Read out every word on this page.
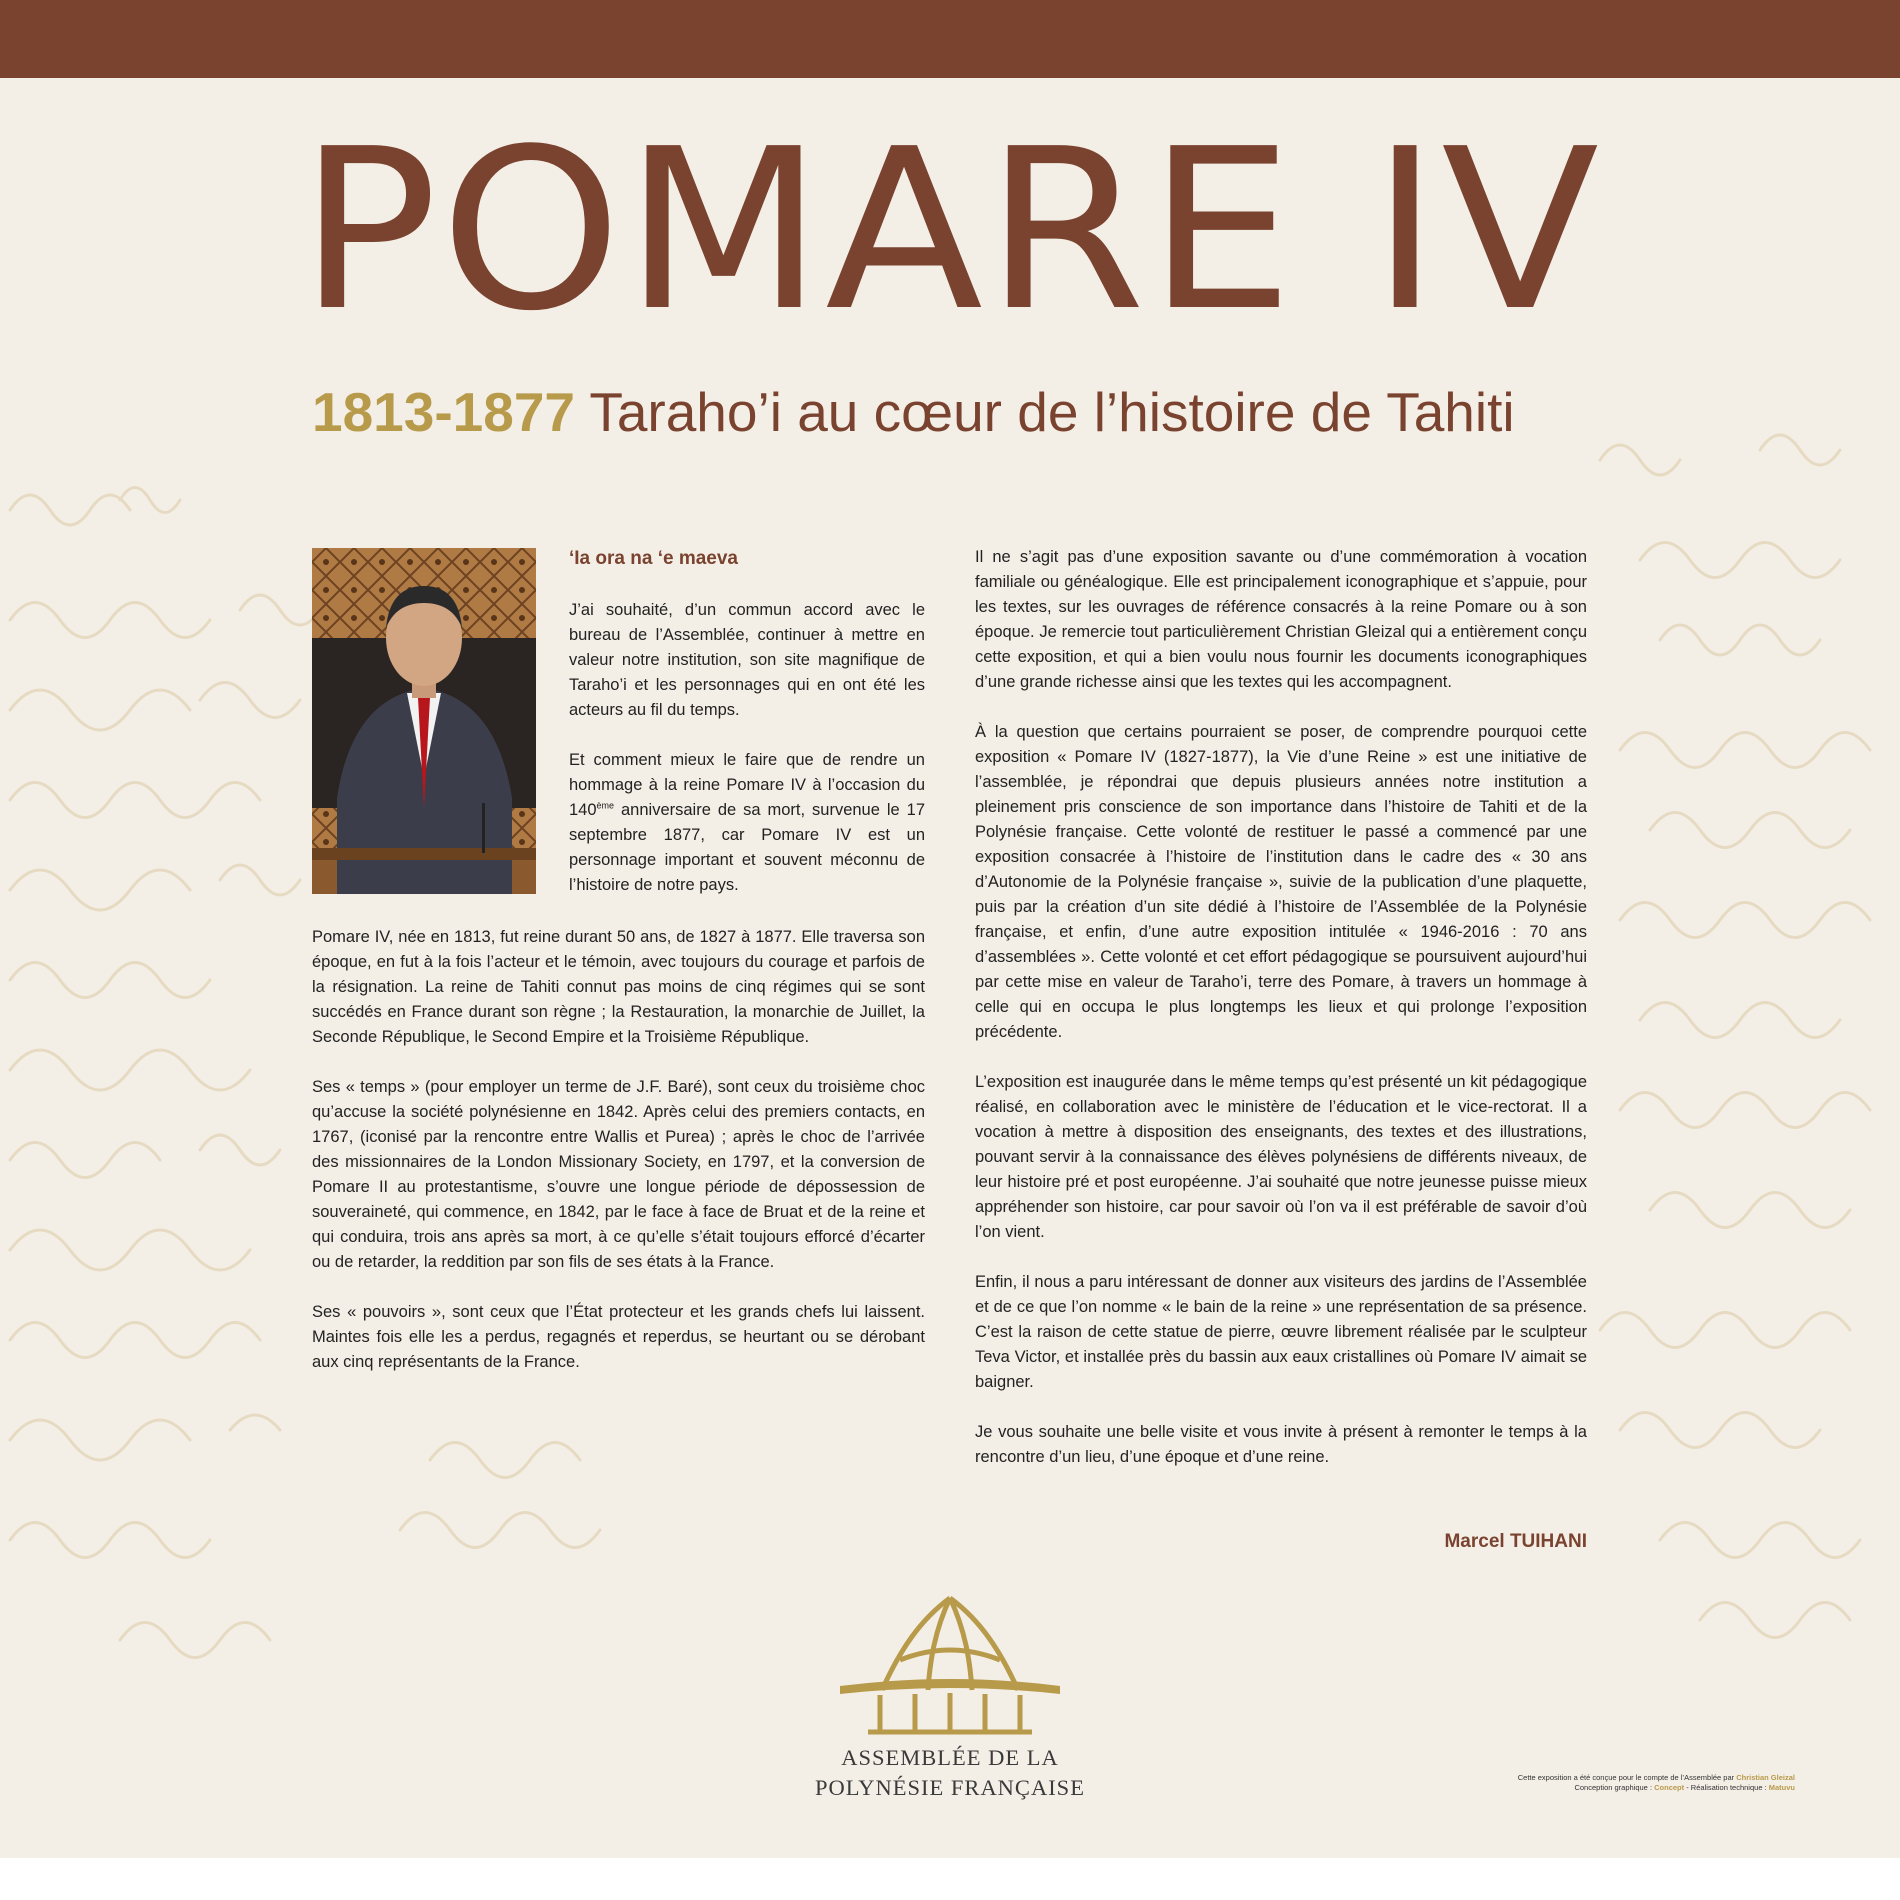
POMARE IV
1813-1877 Taraho’i au cœur de l’histoire de Tahiti
‘Ia ora na ‘e maeva

J’ai souhaité, d’un commun accord avec le bureau de l’Assemblée, continuer à mettre en valeur notre institution, son site magnifique de Taraho’i et les personnages qui en ont été les acteurs au fil du temps.

Et comment mieux le faire que de rendre un hommage à la reine Pomare IV à l’occasion du 140ème anniversaire de sa mort, survenue le 17 septembre 1877, car Pomare IV est un personnage important et souvent méconnu de l’histoire de notre pays.

Pomare IV, née en 1813, fut reine durant 50 ans, de 1827 à 1877. Elle traversa son époque, en fut à la fois l’acteur et le témoin, avec toujours du courage et parfois de la résignation. La reine de Tahiti connut pas moins de cinq régimes qui se sont succédés en France durant son règne ; la Restauration, la monarchie de Juillet, la Seconde République, le Second Empire et la Troisième République.

Ses « temps » (pour employer un terme de J.F. Baré), sont ceux du troisième choc qu’accuse la société polynésienne en 1842. Après celui des premiers contacts, en 1767, (iconisé par la rencontre entre Wallis et Purea) ; après le choc de l’arrivée des missionnaires de la London Missionary Society, en 1797, et la conversion de Pomare II au protestantisme, s’ouvre une longue période de dépossession de souveraineté, qui commence, en 1842, par le face à face de Bruat et de la reine et qui conduira, trois ans après sa mort, à ce qu’elle s’était toujours efforcé d’écarter ou de retarder, la reddition par son fils de ses états à la France.

Ses « pouvoirs », sont ceux que l’État protecteur et les grands chefs lui laissent. Maintes fois elle les a perdus, regagnés et reperdus, se heurtant ou se dérobant aux cinq représentants de la France.

Il ne s’agit pas d’une exposition savante ou d’une commémoration à vocation familiale ou généalogique. Elle est principalement iconographique et s’appuie, pour les textes, sur les ouvrages de référence consacrés à la reine Pomare ou à son époque. Je remercie tout particulièrement Christian Gleizal qui a entièrement conçu cette exposition, et qui a bien voulu nous fournir les documents iconographiques d’une grande richesse ainsi que les textes qui les accompagnent.

À la question que certains pourraient se poser, de comprendre pourquoi cette exposition « Pomare IV (1827-1877), la Vie d’une Reine » est une initiative de l’assemblée, je répondrai que depuis plusieurs années notre institution a pleinement pris conscience de son importance dans l’histoire de Tahiti et de la Polynésie française. Cette volonté de restituer le passé a commencé par une exposition consacrée à l’histoire de l’institution dans le cadre des « 30 ans d’Autonomie de la Polynésie française », suivie de la publication d’une plaquette, puis par la création d’un site dédié à l’histoire de l’Assemblée de la Polynésie française, et enfin, d’une autre exposition intitulée « 1946-2016 : 70 ans d’assemblées ». Cette volonté et cet effort pédagogique se poursuivent aujourd’hui par cette mise en valeur de Taraho’i, terre des Pomare, à travers un hommage à celle qui en occupa le plus longtemps les lieux et qui prolonge l’exposition précédente.

L’exposition est inaugurée dans le même temps qu’est présenté un kit pédagogique réalisé, en collaboration avec le ministère de l’éducation et le vice-rectorat. Il a vocation à mettre à disposition des enseignants, des textes et des illustrations, pouvant servir à la connaissance des élèves polynésiens de différents niveaux, de leur histoire pré et post européenne. J’ai souhaité que notre jeunesse puisse mieux appréhender son histoire, car pour savoir où l’on va il est préférable de savoir d’où l’on vient.

Enfin, il nous a paru intéressant de donner aux visiteurs des jardins de l’Assemblée et de ce que l’on nomme « le bain de la reine » une représentation de sa présence. C’est la raison de cette statue de pierre, œuvre librement réalisée par le sculpteur Teva Victor, et installée près du bassin aux eaux cristallines où Pomare IV aimait se baigner.

Je vous souhaite une belle visite et vous invite à présent à remonter le temps à la rencontre d’un lieu, d’une époque et d’une reine.

Marcel TUIHANI
ASSEMBLÉE DE LA
POLYNÉSIE FRANÇAISE	Cette exposition a été conçue pour le compte de l’Assemblée par Christian Gleizal
Conception graphique : Concept - Réalisation technique : Matuvu
